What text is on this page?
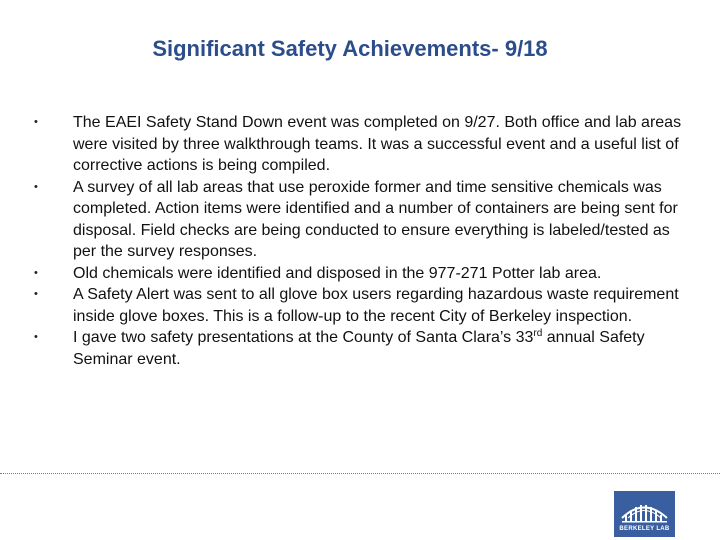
Significant Safety Achievements- 9/18
•	The EAEI Safety Stand Down event was completed on 9/27. Both office and lab areas were visited by three walkthrough teams. It was a successful event and a useful list of corrective actions is being compiled.
•	A survey of all lab areas that use peroxide former and time sensitive chemicals was completed. Action items were identified and a number of containers are being sent for disposal. Field checks are being conducted to ensure everything is labeled/tested as per the survey responses.
•	Old chemicals were identified and disposed in the 977-271 Potter lab area.
•	A Safety Alert was sent to all glove box users regarding hazardous waste requirement inside glove boxes. This is a follow-up to the recent City of Berkeley inspection.
•	I gave two safety presentations at the County of Santa Clara’s 33rd annual Safety Seminar event.
BERKELEY LAB
